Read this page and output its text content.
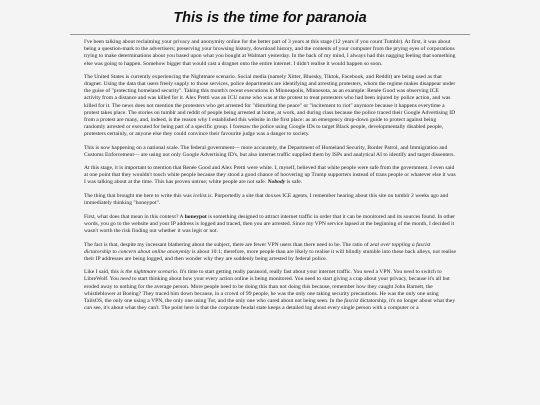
This is the time for paranoia

I've been talking about reclaiming your privacy and anonymity online for the better part of 3 years at this stage (12 years if you count Tumblr). At first, it was about being a question-mark to the advertisers; preserving your browsing history, download history, and the contents of your computer from the prying eyes of corporations trying to make determinations about you based upon what you bought at Walmart yesterday. In the back of my mind, I always had this nagging feeling that something else was going to happen. Somehow bigger that would cast a dragnet onto the entire internet. I didn't realise it would happen so soon.

The United States is currently experiencing the Nightmare scenario. Social media (namely Xitter, Bluesky, Tiktok, Facebook, and Reddit) are being used as that dragnet. Using the data that users freely supply to those services, police departments are identifying and arresting protesters, whom the regime makes disappear under the guise of "protecting homeland security". Taking this month's recent executions in Minneapolis, Minnesota, as an example: Renée Good was observing ICE activity from a distance and was killed for it. Alex Pretti was an ICU nurse who was at the protest to treat protesters who had been injured by police action, and was killed for it. The news does not mention the protesters who get arrested for "disturbing the peace" or "incitement to riot" anymore because it happens everytime a protest takes place. The stories on tumblr and reddit of people being arrested at home, at work, and during class because the police traced their Google Advertising ID from a protest are many, and, indeed, is the reason why I established this website in the first place: as an emergency drop-down guide to protect against being randomly arrested or executed for being part of a specific group. I foresaw the police using Google IDs to target Black people, developmentally disabled people, protesters certainly, or anyone else they could convince their favourite judge was a danger to society.

This is now happening on a national scale. The federal government— more accurately, the Department of Homeland Security, Border Patrol, and Immigration and Customs Enforcement— are using not only Google Advertising ID's, but also internet traffic supplied them by ISPs and analytical AI to identify and target dissenters.

At this stage, it is important to mention that Renée Good and Alex Pretti were white. I, myself, believed that white people were safe from the government. I even said at one point that they wouldn't touch white people because they stood a good chance of hoovering up Trump supporters instead of trans people or whatever else it was I was talking about at the time. This has proven untrue; white people are not safe. Nobody is safe.

The thing that brought me here to write this was icelist.is. Purportedly a site that doxxes ICE agents, I remember hearing about this site on tumblr 2 weeks ago and immediately thinking "honeypot".

First, what does that mean in this context? A honeypot is something designed to attract internet traffic in order that it can be monitored and its sources found. In other words, you go to the website and your IP address is logged and traced, then you are arrested. Since my VPN service lapsed at the beginning of the month, I decided it wasn't worth the risk finding out whether it was legit or not.

The fact is that, despite my incessant blathering about the subject, there are fewer VPN users than there need to be. The ratio of zeal over toppling a fascist dictatorship to concern about online anonymity is about 10:1; therefore, more people than are likely to realise it will blindly stumble into these back alleys, not realise their IP addresses are being logged, and then wonder why they are suddenly being arrested by federal police.

Like I said, this is the nightmare scenario. It's time to start getting really paranoid, really fast about your internet traffic. You need a VPN. You need to switch to LibreWolf. You need to start thinking about how your every action online is being monitored. You need to start giving a crap about your privacy, because it's all but eroded away to nothing for the average person. More people need to be doing this than not doing this because, remember how they caught John Barnett, the whistleblower at Boeing? They traced him down because, in a crowd of 99 people, he was the only one taking security precautions. He was the only one using TailsOS, the only one using a VPN, the only one using Tor, and the only one who cared about not being seen. In the fascist dictatorship, it's no longer about what they can see, it's about what they can't. The point here is that the corporate feudal state keeps a detailed log about every single person with a computer or a
